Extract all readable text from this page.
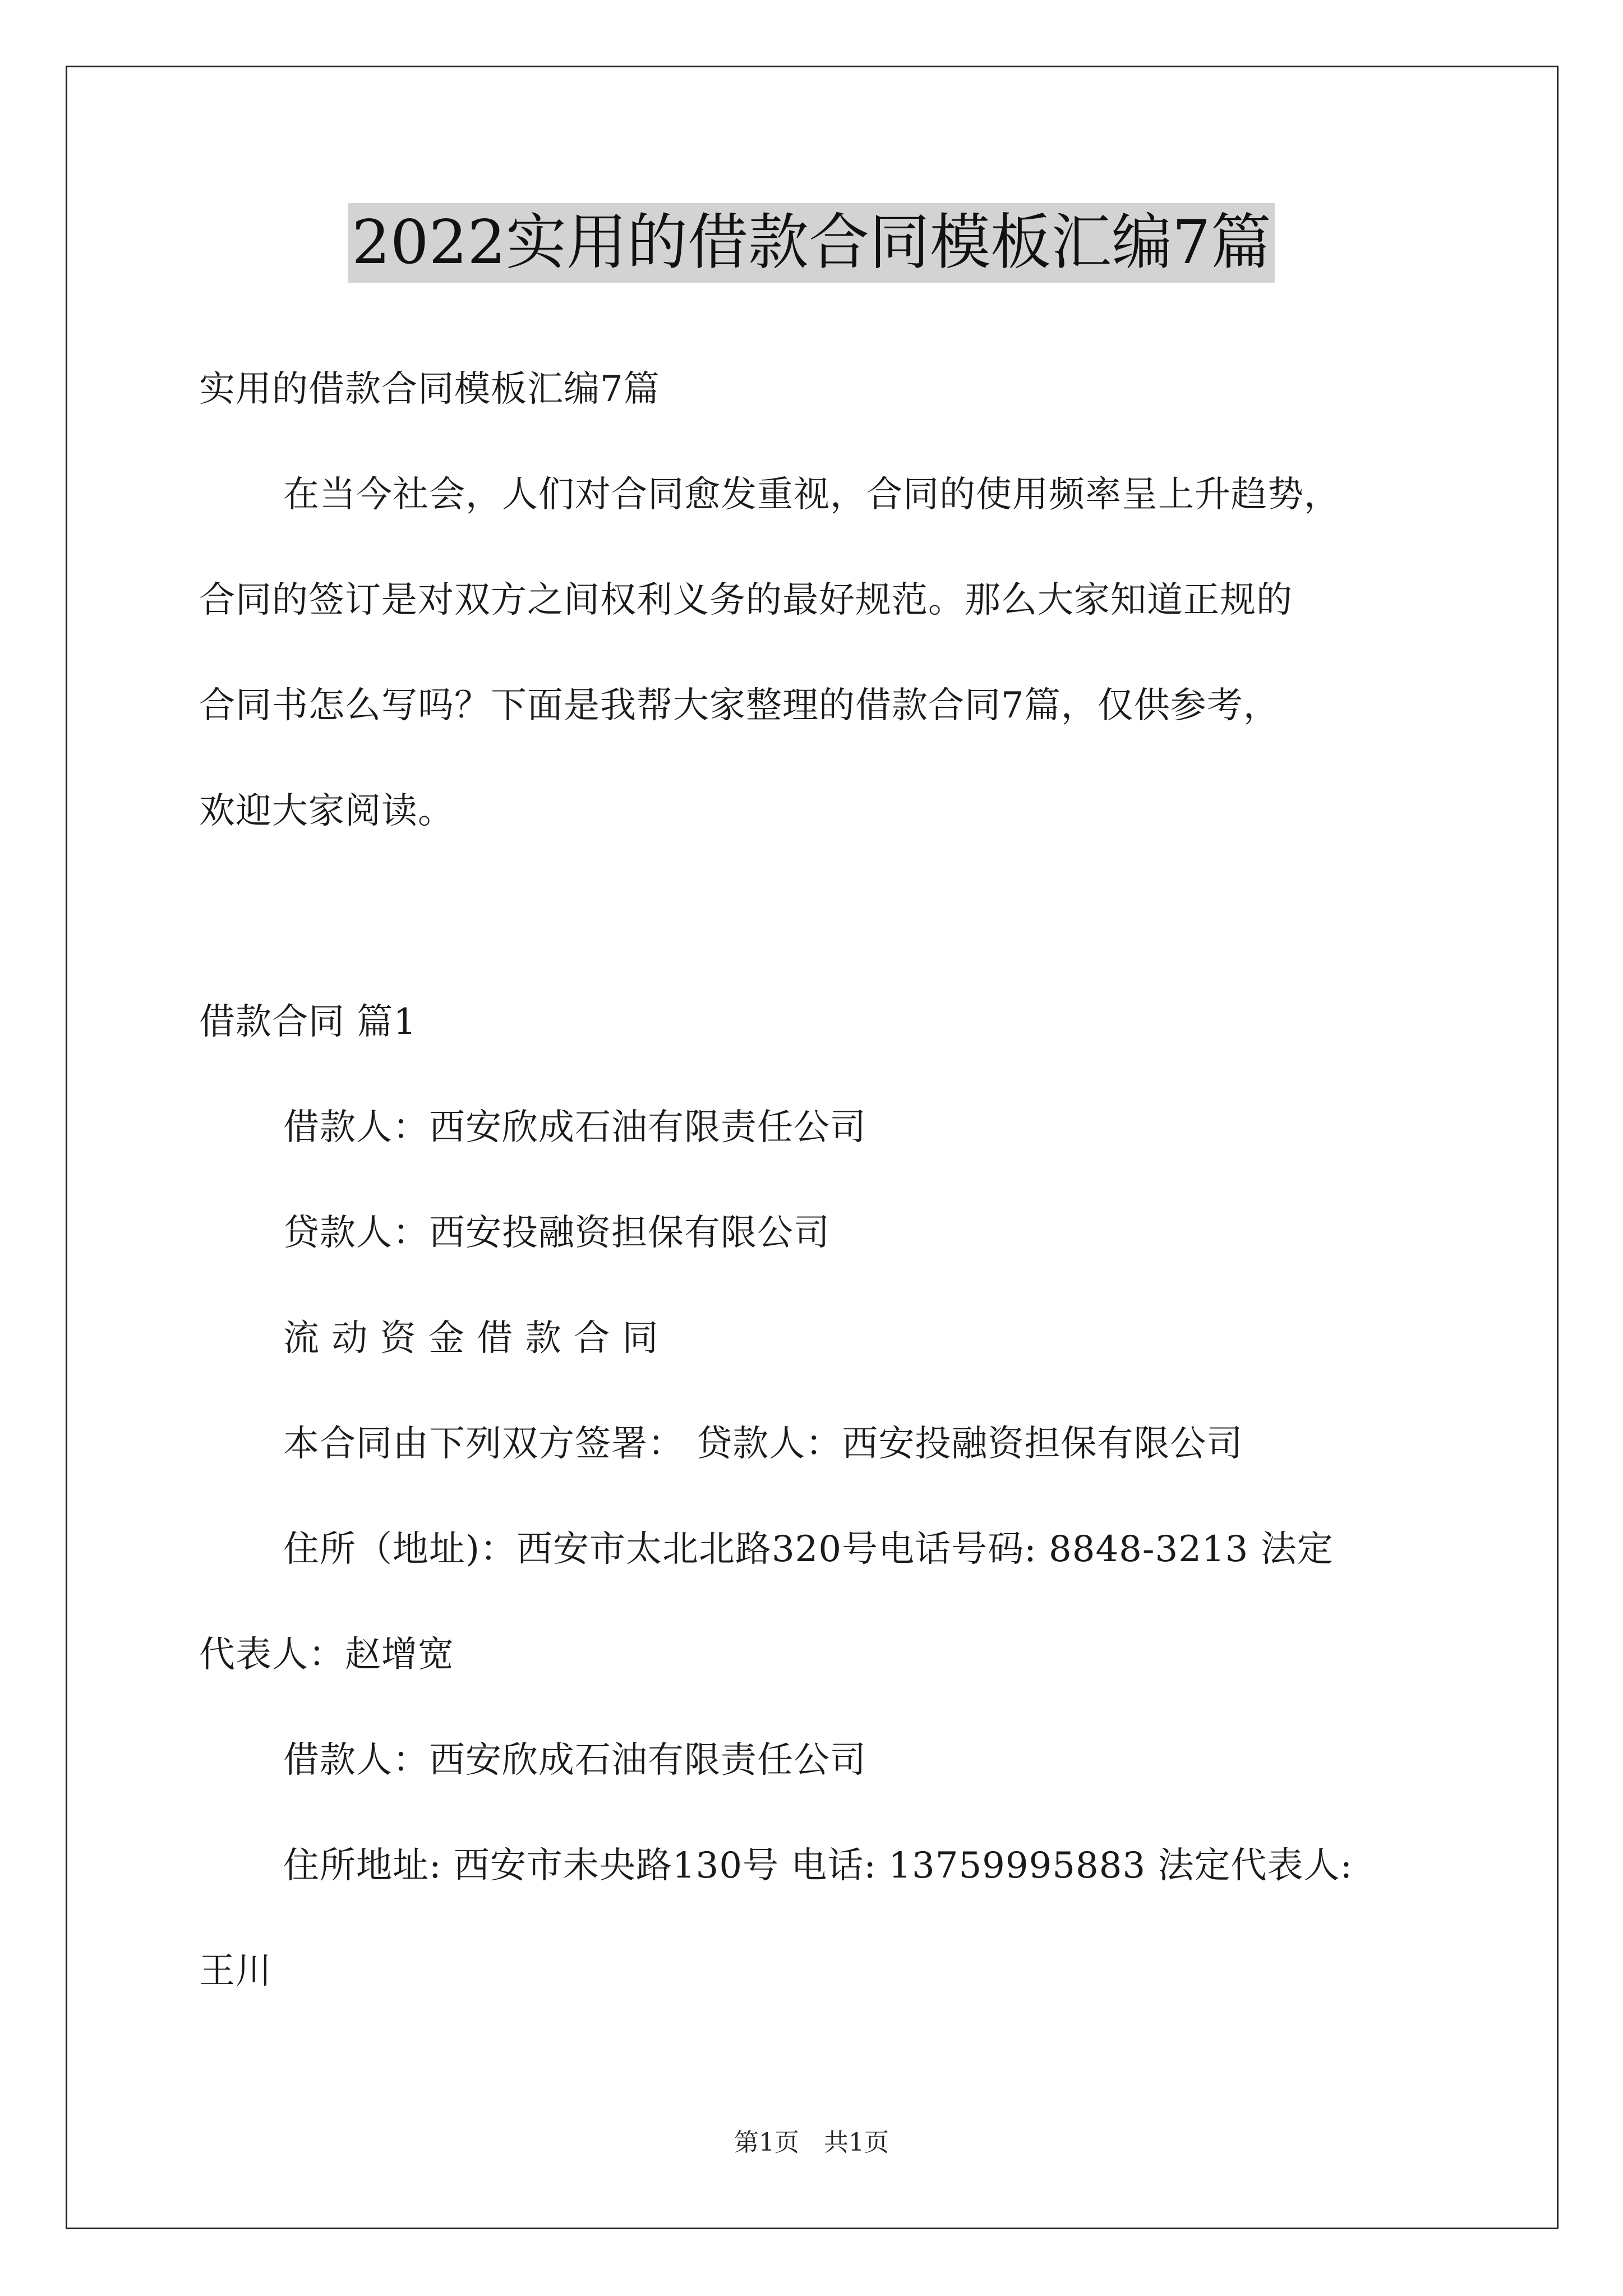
2022实用的借款合同模板汇编7篇
实用的借款合同模板汇编7篇
在当今社会，人们对合同愈发重视，合同的使用频率呈上升趋势，
合同的签订是对双方之间权利义务的最好规范。那么大家知道正规的
合同书怎么写吗？下面是我帮大家整理的借款合同7篇，仅供参考，
欢迎大家阅读。
借款合同 篇1
借款人：西安欣成石油有限责任公司
贷款人：西安投融资担保有限公司
流 动 资 金 借 款 合 同
本合同由下列双方签署： 贷款人：西安投融资担保有限公司
住所（地址)：西安市太北北路320号电话号码: 8848-3213 法定
代表人：赵增宽
借款人：西安欣成石油有限责任公司
住所地址: 西安市未央路130号 电话: 13759995883 法定代表人:
王川
第1页　共1页
